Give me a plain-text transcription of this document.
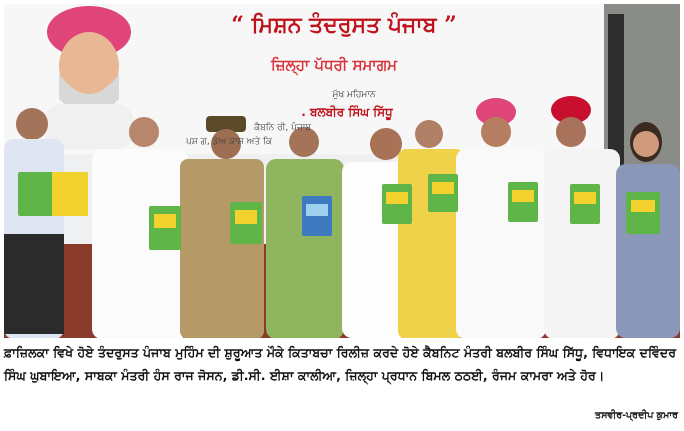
“ ਮਿਸ਼ਨ ਤੰਦਰੁਸਤ ਪੰਜਾਬ ”
ਜ਼ਿਲ੍ਹਾ ਪੱਧਰੀ ਸਮਾਗਮ
ਮੁੱਖ ਮਹਿਮਾਨ
. ਬਲਬੀਰ ਸਿੰਘ ਸਿੱਧੂ
ਕੈਬਨਿ ਰੀ, ਪੰਜਾਬ
ਪਸ਼ ਗ, ਡੇਅ ਕਾਸ ਅਤੇ ਕਿ
ਫ਼ਾਜ਼ਿਲਕਾ ਵਿਖੇ ਹੋਏ ਤੰਦਰੁਸਤ ਪੰਜਾਬ ਮੁਹਿੰਮ ਦੀ ਸ਼ੁਰੂਆਤ ਮੌਕੇ ਕਿਤਾਬਚਾ ਰਿਲੀਜ਼ ਕਰਦੇ ਹੋਏ ਕੈਬਨਿਟ ਮੰਤਰੀ ਬਲਬੀਰ ਸਿੰਘ ਸਿੱਧੂ, ਵਿਧਾਇਕ ਦਵਿੰਦਰ ਸਿੰਘ ਘੁਬਾਇਆ, ਸਾਬਕਾ ਮੰਤਰੀ ਹੰਸ ਰਾਜ ਜੋਸਨ, ਡੀ.ਸੀ. ਈਸ਼ਾ ਕਾਲੀਆ, ਜ਼ਿਲ੍ਹਾ ਪ੍ਰਧਾਨ ਬਿਮਲ ਠਠਈ, ਰੰਜਮ ਕਾਮਰਾ ਅਤੇ ਹੋਰ।
ਤਸਵੀਰ-ਪ੍ਰਦੀਪ ਕੁਮਾਰ
